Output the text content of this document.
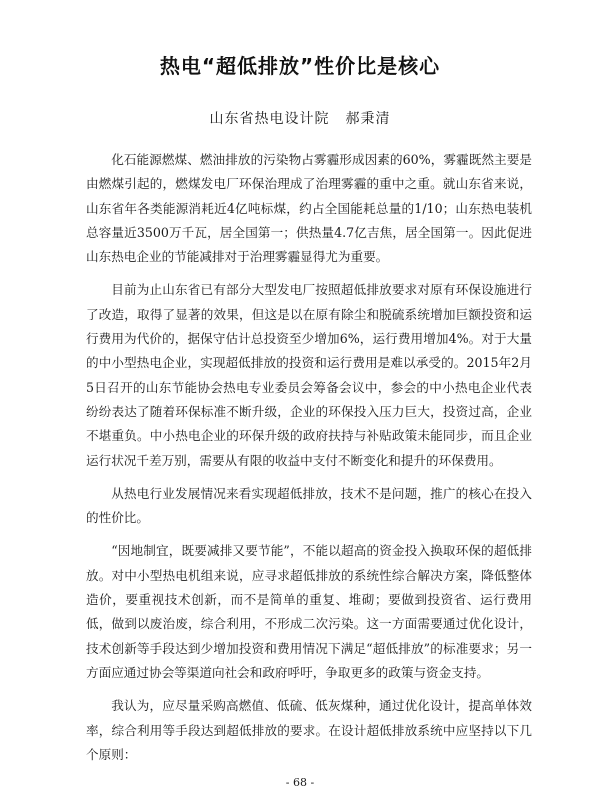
热电“超低排放”性价比是核心
山东省热电设计院 郝秉清

化石能源燃煤、燃油排放的污染物占雾霾形成因素的60%，雾霾既然主要是由燃煤引起的，燃煤发电厂环保治理成了治理雾霾的重中之重。就山东省来说，山东省年各类能源消耗近4亿吨标煤，约占全国能耗总量的1/10；山东热电装机总容量近3500万千瓦，居全国第一；供热量4.7亿吉焦，居全国第一。因此促进山东热电企业的节能减排对于治理雾霾显得尤为重要。

目前为止山东省已有部分大型发电厂按照超低排放要求对原有环保设施进行了改造，取得了显著的效果，但这是以在原有除尘和脱硫系统增加巨额投资和运行费用为代价的，据保守估计总投资至少增加6%，运行费用增加4%。对于大量的中小型热电企业，实现超低排放的投资和运行费用是难以承受的。2015年2月5日召开的山东节能协会热电专业委员会筹备会议中，参会的中小热电企业代表纷纷表达了随着环保标准不断升级，企业的环保投入压力巨大，投资过高，企业不堪重负。中小热电企业的环保升级的政府扶持与补贴政策未能同步，而且企业运行状况千差万别，需要从有限的收益中支付不断变化和提升的环保费用。

从热电行业发展情况来看实现超低排放，技术不是问题，推广的核心在投入的性价比。

“因地制宜，既要减排又要节能”，不能以超高的资金投入换取环保的超低排放。对中小型热电机组来说，应寻求超低排放的系统性综合解决方案，降低整体造价，要重视技术创新，而不是简单的重复、堆砌；要做到投资省、运行费用低，做到以废治废，综合利用，不形成二次污染。这一方面需要通过优化设计，技术创新等手段达到少增加投资和费用情况下满足“超低排放”的标准要求；另一方面应通过协会等渠道向社会和政府呼吁，争取更多的政策与资金支持。

我认为，应尽量采购高燃值、低硫、低灰煤种，通过优化设计，提高单体效率，综合利用等手段达到超低排放的要求。在设计超低排放系统中应坚持以下几个原则：

- 68 -
